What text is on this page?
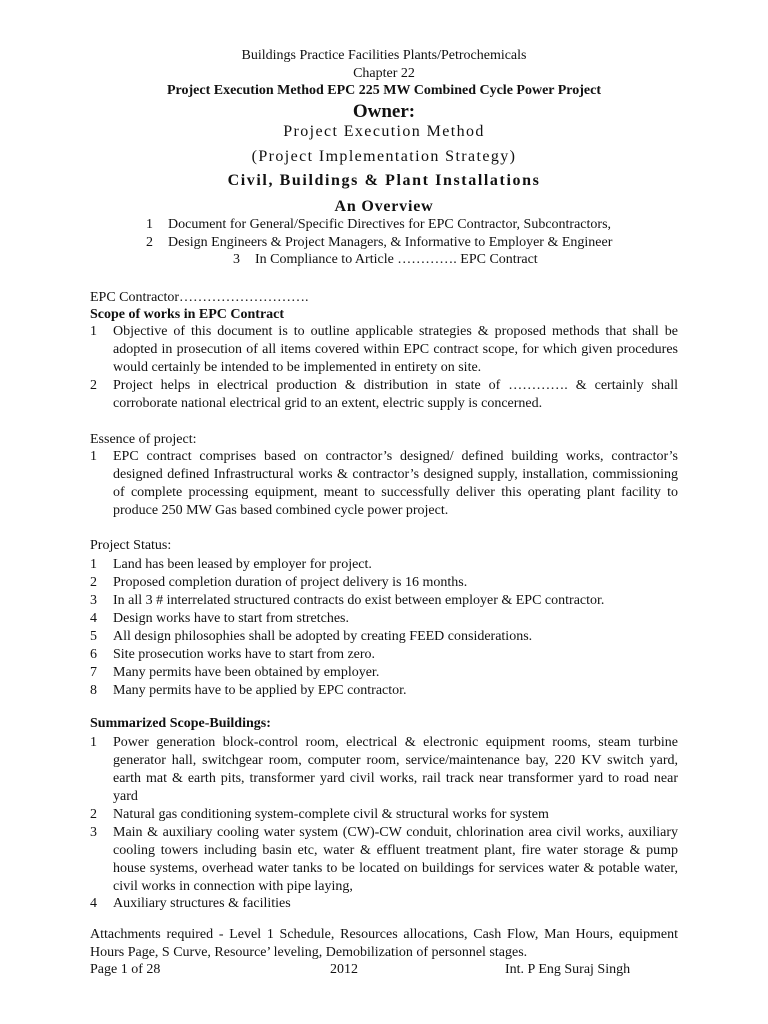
Buildings Practice Facilities Plants/Petrochemicals
Chapter 22
Project Execution Method EPC 225 MW Combined Cycle Power Project
Owner:
Project Execution Method
(Project Implementation Strategy)
Civil, Buildings & Plant Installations
An Overview
1 Document for General/Specific Directives for EPC Contractor, Subcontractors,
2 Design Engineers & Project Managers, & Informative to Employer & Engineer
3 In Compliance to Article …………. EPC Contract
EPC Contractor……………………….
Scope of works in EPC Contract
1 Objective of this document is to outline applicable strategies & proposed methods that shall be adopted in prosecution of all items covered within EPC contract scope, for which given procedures would certainly be intended to be implemented in entirety on site.
2 Project helps in electrical production & distribution in state of …………. & certainly shall corroborate national electrical grid to an extent, electric supply is concerned.
Essence of project:
1 EPC contract comprises based on contractor’s designed/ defined building works, contractor’s designed defined Infrastructural works & contractor’s designed supply, installation, commissioning of complete processing equipment, meant to successfully deliver this operating plant facility to produce 250 MW Gas based combined cycle power project.
Project Status:
1 Land has been leased by employer for project.
2 Proposed completion duration of project delivery is 16 months.
3 In all 3 # interrelated structured contracts do exist between employer & EPC contractor.
4 Design works have to start from stretches.
5 All design philosophies shall be adopted by creating FEED considerations.
6 Site prosecution works have to start from zero.
7 Many permits have been obtained by employer.
8 Many permits have to be applied by EPC contractor.
Summarized Scope-Buildings:
1 Power generation block-control room, electrical & electronic equipment rooms, steam turbine generator hall, switchgear room, computer room, service/maintenance bay, 220 KV switch yard, earth mat & earth pits, transformer yard civil works, rail track near transformer yard to road near yard
2 Natural gas conditioning system-complete civil & structural works for system
3 Main & auxiliary cooling water system (CW)-CW conduit, chlorination area civil works, auxiliary cooling towers including basin etc, water & effluent treatment plant, fire water storage & pump house systems, overhead water tanks to be located on buildings for services water & potable water, civil works in connection with pipe laying,
4 Auxiliary structures & facilities
Attachments required - Level 1 Schedule, Resources allocations, Cash Flow, Man Hours, equipment Hours Page, S Curve, Resource’ leveling, Demobilization of personnel stages.
Page 1 of 28	2012	Int. P Eng Suraj Singh
